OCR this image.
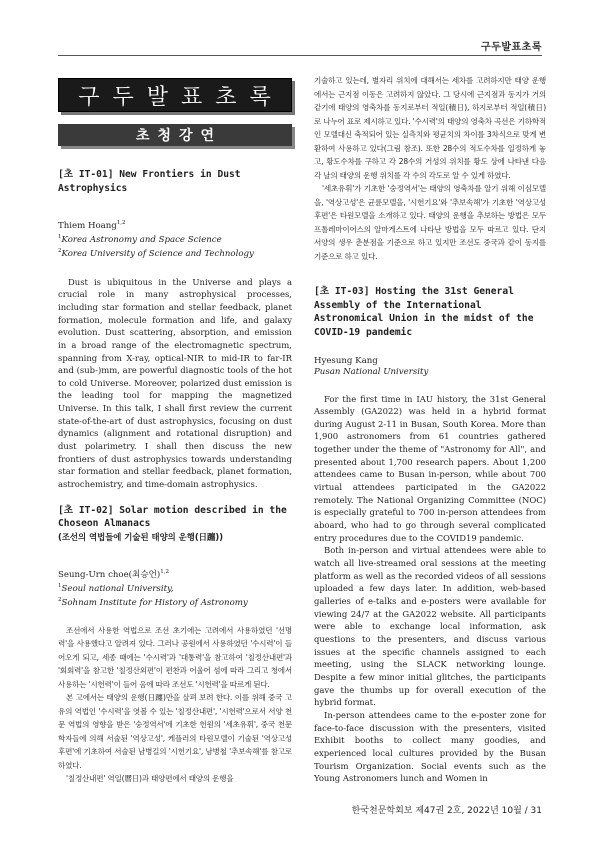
구두발표초록
구두발표초록
초청강연
[초 IT-01] New Frontiers in Dust Astrophysics
Thiem Hoang$^{1,2}$
$^1$Korea Astronomy and Space Science
$^2$Korea University of Science and Technology

Dust is ubiquitous in the Universe and plays a crucial role in many astrophysical processes, including star formation and stellar feedback, planet formation, molecule formation and life, and galaxy evolution. Dust scattering, absorption, and emission in a broad range of the electromagnetic spectrum, spanning from X-ray, optical-NIR to mid-IR to far-IR and (sub-)mm, are powerful diagnostic tools of the hot to cold Universe. Moreover, polarized dust emission is the leading tool for mapping the magnetized Universe. In this talk, I shall first review the current state-of-the-art of dust astrophysics, focusing on dust dynamics (alignment and rotational disruption) and dust polarimetry. I shall then discuss the new frontiers of dust astrophysics towards understanding star formation and stellar feedback, planet formation, astrochemistry, and time-domain astrophysics.

[초 IT-02] Solar motion described in the Choseon Almanacs
(조선의 역법들에 기술된 태양의 운행(日躔))
Seung-Urn choe(최승언)$^{1,2}$
$^1$Seoul national University,
$^2$Sohnam Institute for History of Astronomy

조선에서 사용한 역법으로 조선 초기에는 고려에서 사용하였던 '선명력'을 사용했다고 알려져 있다. 그러나 공원에서 사용하였던 '수시력'이 들어오게 되고, 세종 때에는 '수시력'과 '대통력'을 참고하여 '칠정산내편'과 '회회력'을 참고한 '칠정산외편'이 편찬과 어울어 섬에 따라 그리고 청에서 사용하는 '시헌력'이 들어 옴에 따라 조선도 '시헌력'을 따르게 된다.

본 고에서는 태양의 운행(日躔)만을 살펴 보려 한다. 이를 위해 중국 고유의 역법인 '수시력'을 엿볼 수 있는 '칠정산내편', '시헌력'으로서 서양 천문 역법의 영향을 받은 '숭정역서'에 기초한 헌원의 '세초유휘', 중국 천문 학자들에 의해 서술된 '역상고성', 케플러의 타원모델이 기술된 '역상고성후편'에 기초하여 서술된 남병길의 '시헌기요', 남병철 '추보속해'를 참고로 하였다.

'칠정산내편' 역일(曆日)과 태양편에서 태양의 운행을

기술하고 있는데, 별자리 위치에 대해서는 세차를 고려하지만 태양 운행에서는 근지점 이동은 고려하지 않았다. 그 당시에 근지점과 동지가 거의 같기에 태양의 영축차를 동지로부터 적일(積日), 하지로부터 적일(積日)로 나누어 표로 제시하고 있다. '수시력'의 태양의 영축차 곡선은 기하학적인 모델대신 축적되어 있는 실측치와 평균치의 차이를 3차식으로 맞게 변환하여 사용하고 있다(그림 참조). 또한 28수의 적도수차를 일정하게 놓고, 황도수차를 구하고 각 28수의 거성의 위치를 황도 상에 나타낸 다음 각 날의 태양의 운행 위치를 각 수의 각도로 알 수 있게 하였다.

'세초유휘'가 기초한 '숭정역서'는 태양의 영축차를 알기 위해 이심모델을, '역상고성'은 균륜모델을, '시헌기요'와 '추보속해'가 기초한 '역상고성후편'은 타원모델을 소개하고 있다. 태양의 운행을 추보하는 방법은 모두 프톨레마이어스의 알마게스트에 나타난 방법을 모두 따르고 있다. 단지 서양의 생우 춘분점을 기준으로 하고 있지만 조선도 중국과 같이 동지를 기준으로 하고 있다.

[초 IT-03] Hosting the 31st General Assembly of the International Astronomical Union in the midst of the COVID-19 pandemic
Hyesung Kang
Pusan National University

For the first time in IAU history, the 31st General Assembly (GA2022) was held in a hybrid format during August 2-11 in Busan, South Korea. More than 1,900 astronomers from 61 countries gathered together under the theme of "Astronomy for All", and presented about 1,700 research papers. About 1,200 attendees came to Busan in-person, while about 700 virtual attendees participated in the GA2022 remotely. The National Organizing Committee (NOC) is especially grateful to 700 in-person attendees from aboard, who had to go through several complicated entry procedures due to the COVID19 pandemic.

Both in-person and virtual attendees were able to watch all live-streamed oral sessions at the meeting platform as well as the recorded videos of all sessions uploaded a few days later. In addition, web-based galleries of e-talks and e-posters were available for viewing 24/7 at the GA2022 website. All participants were able to exchange local information, ask questions to the presenters, and discuss various issues at the specific channels assigned to each meeting, using the SLACK networking lounge. Despite a few minor initial glitches, the participants gave the thumbs up for overall execution of the hybrid format.

In-person attendees came to the e-poster zone for face-to-face discussion with the presenters, visited Exhibit booths to collect many goodies, and experienced local cultures provided by the Busan Tourism Organization. Social events such as the Young Astronomers lunch and Women in

한국천문학회보 제47권 2호, 2022년 10월 / 31
